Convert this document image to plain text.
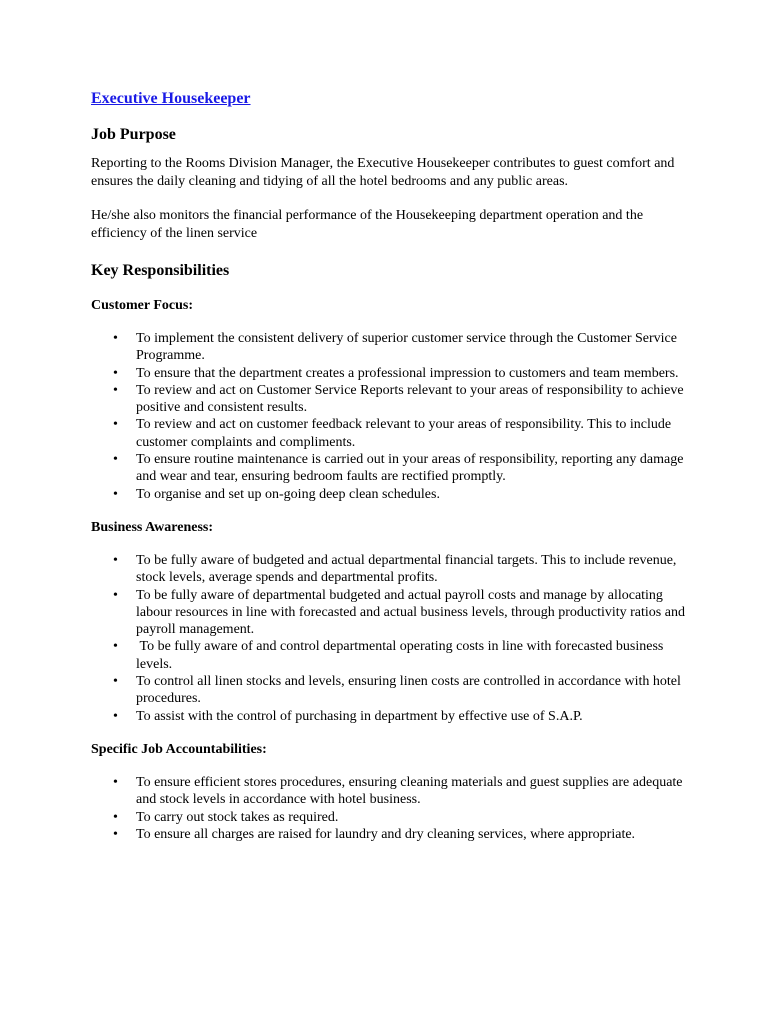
Executive Housekeeper
Job Purpose

Reporting to the Rooms Division Manager, the Executive Housekeeper contributes to guest comfort and ensures the daily cleaning and tidying of all the hotel bedrooms and any public areas.

He/she also monitors the financial performance of the Housekeeping department operation and the efficiency of the linen service

Key Responsibilities
Customer Focus:
• To implement the consistent delivery of superior customer service through the Customer Service Programme.
• To ensure that the department creates a professional impression to customers and team members.
• To review and act on Customer Service Reports relevant to your areas of responsibility to achieve positive and consistent results.
• To review and act on customer feedback relevant to your areas of responsibility. This to include customer complaints and compliments.
• To ensure routine maintenance is carried out in your areas of responsibility, reporting any damage and wear and tear, ensuring bedroom faults are rectified promptly.
• To organise and set up on-going deep clean schedules.
Business Awareness:
• To be fully aware of budgeted and actual departmental financial targets. This to include revenue, stock levels, average spends and departmental profits.
• To be fully aware of departmental budgeted and actual payroll costs and manage by allocating labour resources in line with forecasted and actual business levels, through productivity ratios and payroll management.
• To be fully aware of and control departmental operating costs in line with forecasted business levels.
• To control all linen stocks and levels, ensuring linen costs are controlled in accordance with hotel procedures.
• To assist with the control of purchasing in department by effective use of S.A.P.
Specific Job Accountabilities:
• To ensure efficient stores procedures, ensuring cleaning materials and guest supplies are adequate and stock levels in accordance with hotel business.
• To carry out stock takes as required.
• To ensure all charges are raised for laundry and dry cleaning services, where appropriate.
